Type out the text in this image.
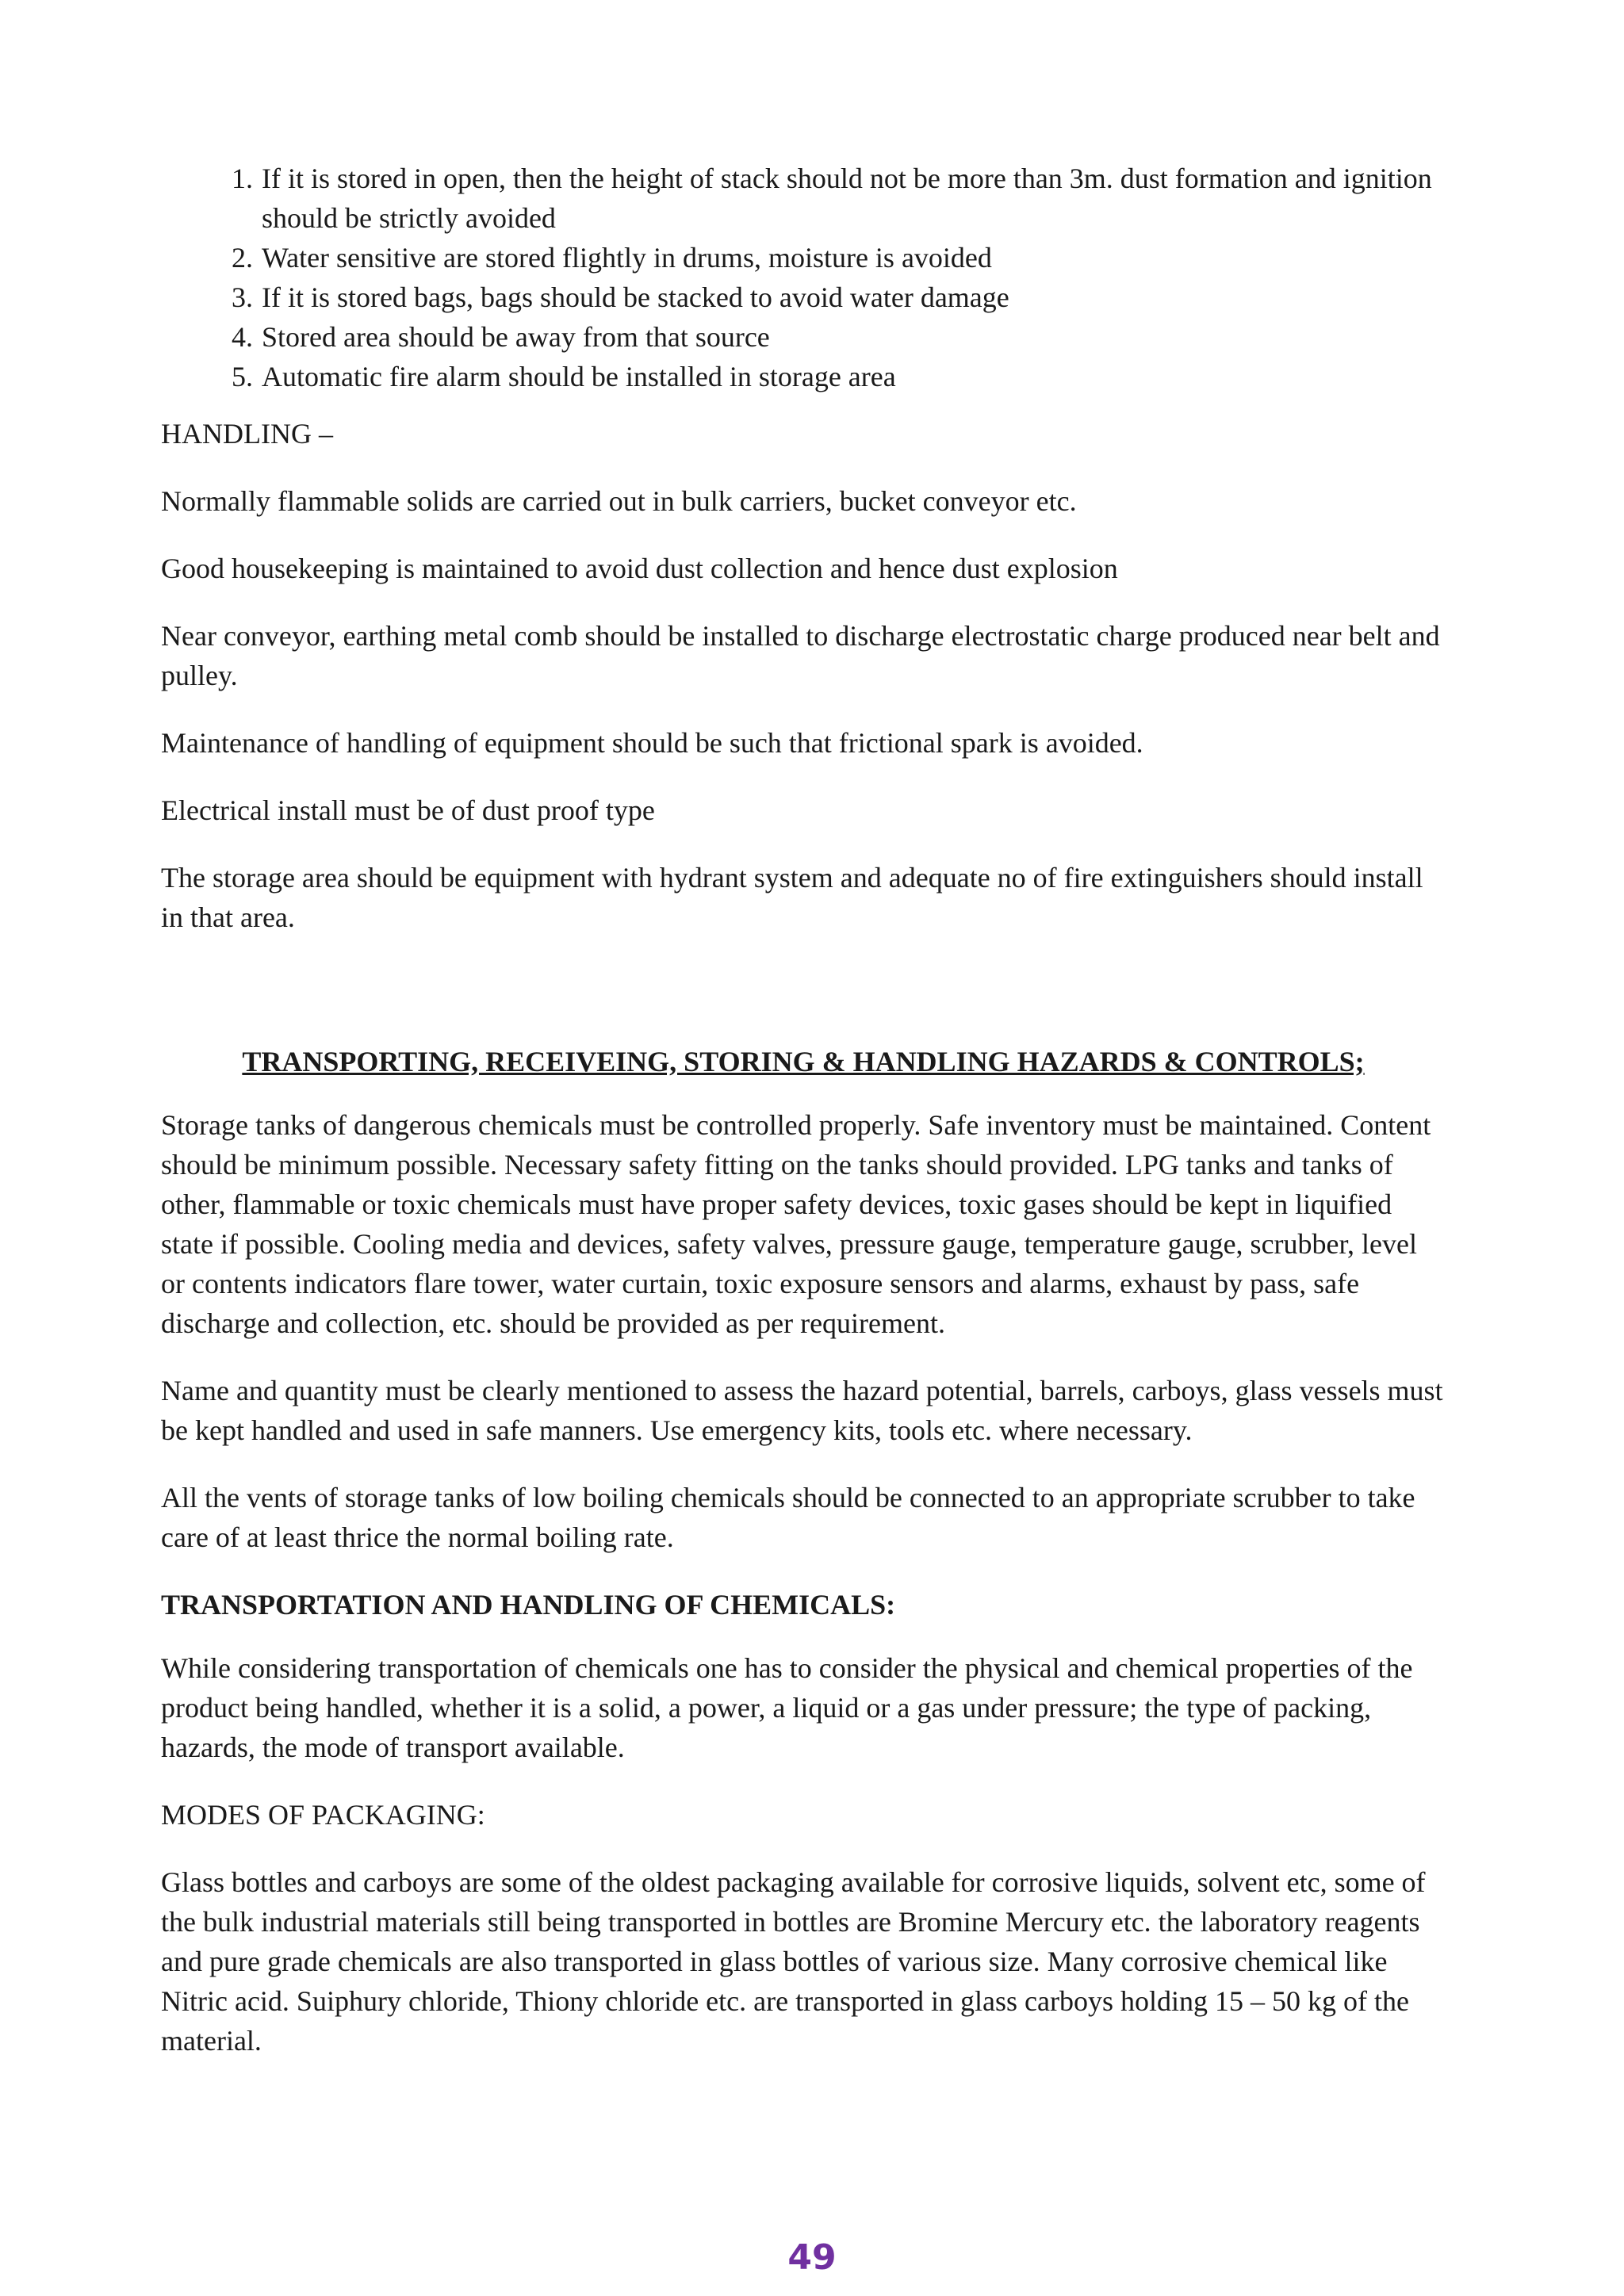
1. If it is stored in open, then the height of stack should not be more than 3m. dust formation and ignition should be strictly avoided
2. Water sensitive are stored flightly in drums, moisture is avoided
3. If it is stored bags, bags should be stacked to avoid water damage
4. Stored area should be away from that source
5. Automatic fire alarm should be installed in storage area

HANDLING –

Normally flammable solids are carried out in bulk carriers, bucket conveyor etc.

Good housekeeping is maintained to avoid dust collection and hence dust explosion

Near conveyor, earthing metal comb should be installed to discharge electrostatic charge produced near belt and pulley.

Maintenance of handling of equipment should be such that frictional spark is avoided.

Electrical install must be of dust proof type

The storage area should be equipment with hydrant system and adequate no of fire extinguishers should install in that area.

TRANSPORTING, RECEIVEING, STORING & HANDLING HAZARDS & CONTROLS;

Storage tanks of dangerous chemicals must be controlled properly. Safe inventory must be maintained. Content should be minimum possible. Necessary safety fitting on the tanks should provided. LPG tanks and tanks of other, flammable or toxic chemicals must have proper safety devices, toxic gases should be kept in liquified state if possible. Cooling media and devices, safety valves, pressure gauge, temperature gauge, scrubber, level or contents indicators flare tower, water curtain, toxic exposure sensors and alarms, exhaust by pass, safe discharge and collection, etc. should be provided as per requirement.

Name and quantity must be clearly mentioned to assess the hazard potential, barrels, carboys, glass vessels must be kept handled and used in safe manners. Use emergency kits, tools etc. where necessary.

All the vents of storage tanks of low boiling chemicals should be connected to an appropriate scrubber to take care of at least thrice the normal boiling rate.

TRANSPORTATION AND HANDLING OF CHEMICALS:

While considering transportation of chemicals one has to consider the physical and chemical properties of the product being handled, whether it is a solid, a power, a liquid or a gas under pressure; the type of packing, hazards, the mode of transport available.

MODES OF PACKAGING:

Glass bottles and carboys are some of the oldest packaging available for corrosive liquids, solvent etc, some of the bulk industrial materials still being transported in bottles are Bromine Mercury etc. the laboratory reagents and pure grade chemicals are also transported in glass bottles of various size. Many corrosive chemical like Nitric acid. Suiphury chloride, Thiony chloride etc. are transported in glass carboys holding 15 – 50 kg of the material.

49
